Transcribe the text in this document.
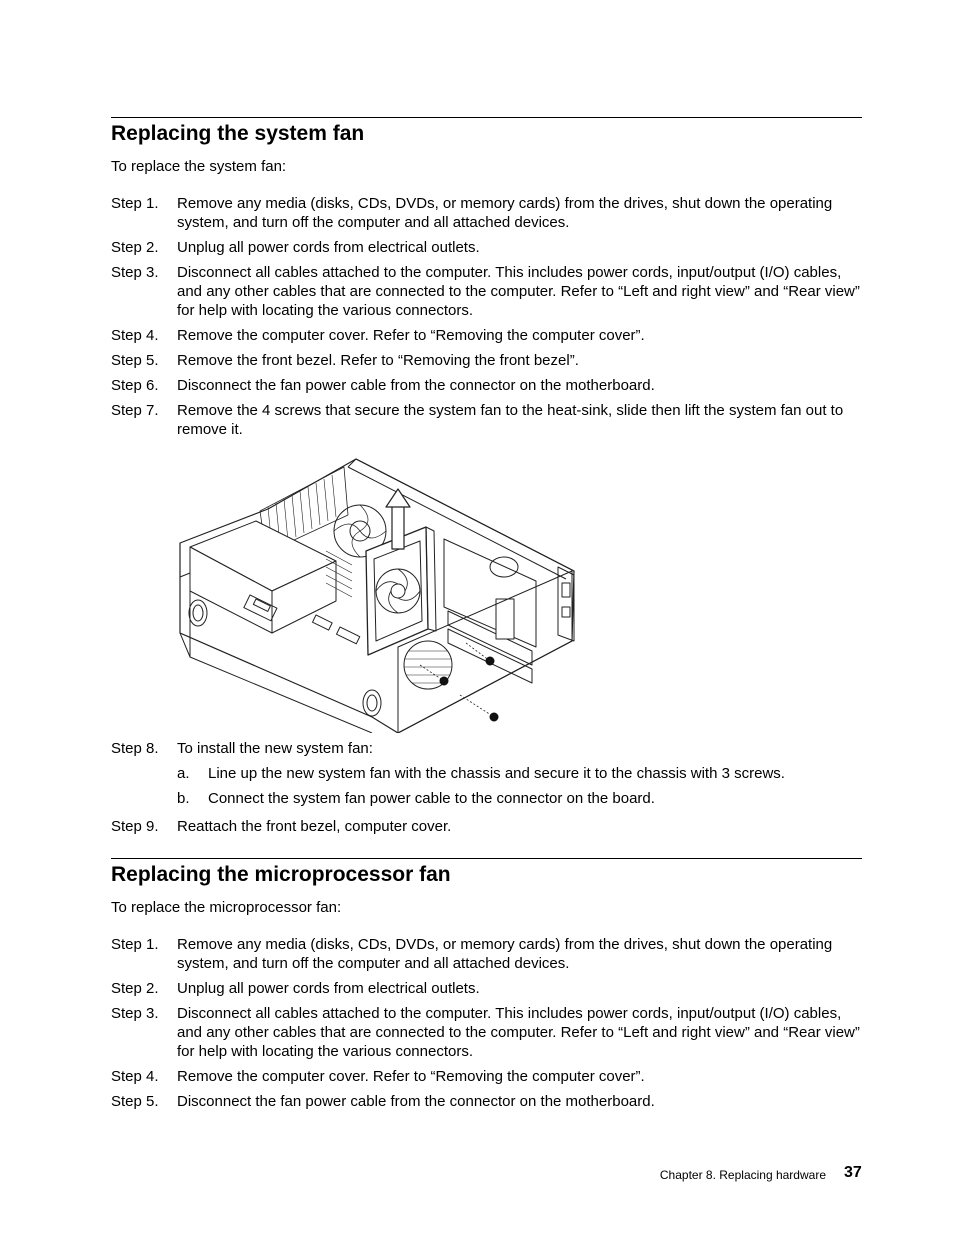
Replacing the system fan

To replace the system fan:

Step 1. Remove any media (disks, CDs, DVDs, or memory cards) from the drives, shut down the operating system, and turn off the computer and all attached devices.
Step 2. Unplug all power cords from electrical outlets.
Step 3. Disconnect all cables attached to the computer. This includes power cords, input/output (I/O) cables, and any other cables that are connected to the computer. Refer to “Left and right view” and “Rear view” for help with locating the various connectors.
Step 4. Remove the computer cover. Refer to “Removing the computer cover”.
Step 5. Remove the front bezel. Refer to “Removing the front bezel”.
Step 6. Disconnect the fan power cable from the connector on the motherboard.
Step 7. Remove the 4 screws that secure the system fan to the heat-sink, slide then lift the system fan out to remove it.
Step 8. To install the new system fan:
a. Line up the new system fan with the chassis and secure it to the chassis with 3 screws.
b. Connect the system fan power cable to the connector on the board.
Step 9. Reattach the front bezel, computer cover.
Replacing the microprocessor fan

To replace the microprocessor fan:

Step 1. Remove any media (disks, CDs, DVDs, or memory cards) from the drives, shut down the operating system, and turn off the computer and all attached devices.
Step 2. Unplug all power cords from electrical outlets.
Step 3. Disconnect all cables attached to the computer. This includes power cords, input/output (I/O) cables, and any other cables that are connected to the computer. Refer to “Left and right view” and “Rear view” for help with locating the various connectors.
Step 4. Remove the computer cover. Refer to “Removing the computer cover”.
Step 5. Disconnect the fan power cable from the connector on the motherboard.
Chapter 8. Replacing hardware 37
